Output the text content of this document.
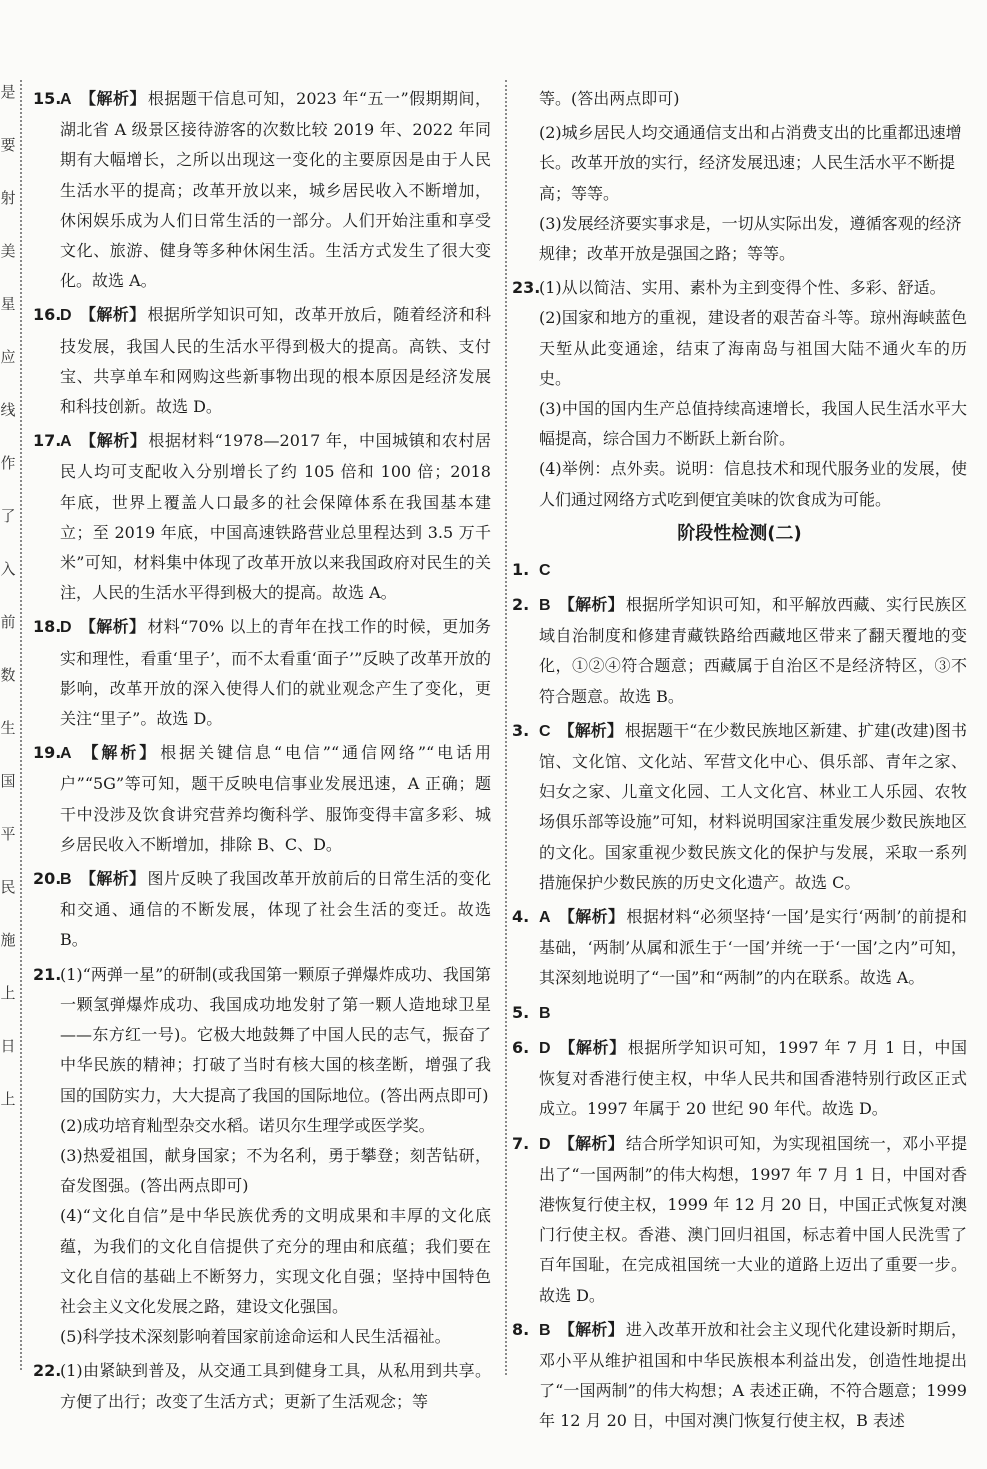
是
要
射
美
星
应
线
作
了
入
前
数
生
国
平
民
施
上
日
上
15.

A 【解析】 根据题干信息可知，2023 年“五一”假期期间，湖北省 A 级景区接待游客的次数比较 2019 年、2022 年同期有大幅增长，之所以出现这一变化的主要原因是由于人民生活水平的提高；改革开放以来，城乡居民收入不断增加，休闲娱乐成为人们日常生活的一部分。人们开始注重和享受文化、旅游、健身等多种休闲生活。生活方式发生了很大变化。故选 A。

16.

D 【解析】 根据所学知识可知，改革开放后，随着经济和科技发展，我国人民的生活水平得到极大的提高。高铁、支付宝、共享单车和网购这些新事物出现的根本原因是经济发展和科技创新。故选 D。

17.

A 【解析】 根据材料“1978—2017 年，中国城镇和农村居民人均可支配收入分别增长了约 105 倍和 100 倍；2018 年底，世界上覆盖人口最多的社会保障体系在我国基本建立；至 2019 年底，中国高速铁路营业总里程达到 3.5 万千米”可知，材料集中体现了改革开放以来我国政府对民生的关注，人民的生活水平得到极大的提高。故选 A。

18.

D 【解析】 材料“70% 以上的青年在找工作的时候，更加务实和理性，看重‘里子’，而不太看重‘面子’”反映了改革开放的影响，改革开放的深入使得人们的就业观念产生了变化，更关注“里子”。故选 D。

19.

A 【解析】 根据关键信息“电信”“通信网络”“电话用户”“5G”等可知，题干反映电信事业发展迅速，A 正确；题干中没涉及饮食讲究营养均衡科学、服饰变得丰富多彩、城乡居民收入不断增加，排除 B、C、D。

20.

B 【解析】 图片反映了我国改革开放前后的日常生活的变化和交通、通信的不断发展，体现了社会生活的变迁。故选 B。

21.

(1)“两弹一星”的研制(或我国第一颗原子弹爆炸成功、我国第一颗氢弹爆炸成功、我国成功地发射了第一颗人造地球卫星——东方红一号)。它极大地鼓舞了中国人民的志气，振奋了中华民族的精神；打破了当时有核大国的核垄断，增强了我国的国防实力，大大提高了我国的国际地位。(答出两点即可)

(2)成功培育籼型杂交水稻。诺贝尔生理学或医学奖。

(3)热爱祖国，献身国家；不为名利，勇于攀登；刻苦钻研，奋发图强。(答出两点即可)

(4)“文化自信”是中华民族优秀的文明成果和丰厚的文化底蕴，为我们的文化自信提供了充分的理由和底蕴；我们要在文化自信的基础上不断努力，实现文化自强；坚持中国特色社会主义文化发展之路，建设文化强国。

(5)科学技术深刻影响着国家前途命运和人民生活福祉。

22.

(1)由紧缺到普及，从交通工具到健身工具，从私用到共享。方便了出行；改变了生活方式；更新了生活观念；等

等。(答出两点即可)

(2)城乡居民人均交通通信支出和占消费支出的比重都迅速增长。改革开放的实行，经济发展迅速；人民生活水平不断提高；等等。

(3)发展经济要实事求是，一切从实际出发，遵循客观的经济规律；改革开放是强国之路；等等。

23.

(1)从以简洁、实用、素朴为主到变得个性、多彩、舒适。

(2)国家和地方的重视，建设者的艰苦奋斗等。琼州海峡蓝色天堑从此变通途，结束了海南岛与祖国大陆不通火车的历史。

(3)中国的国内生产总值持续高速增长，我国人民生活水平大幅提高，综合国力不断跃上新台阶。

(4)举例：点外卖。说明：信息技术和现代服务业的发展，使人们通过网络方式吃到便宜美味的饮食成为可能。

阶段性检测(二)
1. C

2. B 【解析】 根据所学知识可知，和平解放西藏、实行民族区域自治制度和修建青藏铁路给西藏地区带来了翻天覆地的变化，①②④符合题意；西藏属于自治区不是经济特区，③不符合题意。故选 B。

3. C 【解析】 根据题干“在少数民族地区新建、扩建(改建)图书馆、文化馆、文化站、军营文化中心、俱乐部、青年之家、妇女之家、儿童文化园、工人文化宫、林业工人乐园、农牧场俱乐部等设施”可知，材料说明国家注重发展少数民族地区的文化。国家重视少数民族文化的保护与发展，采取一系列措施保护少数民族的历史文化遗产。故选 C。

4. A 【解析】 根据材料“必须坚持‘一国’是实行‘两制’的前提和基础，‘两制’从属和派生于‘一国’并统一于‘一国’之内”可知，其深刻地说明了“一国”和“两制”的内在联系。故选 A。

5. B

6. D 【解析】 根据所学知识可知，1997 年 7 月 1 日，中国恢复对香港行使主权，中华人民共和国香港特别行政区正式成立。1997 年属于 20 世纪 90 年代。故选 D。

7. D 【解析】 结合所学知识可知，为实现祖国统一，邓小平提出了“一国两制”的伟大构想，1997 年 7 月 1 日，中国对香港恢复行使主权，1999 年 12 月 20 日，中国正式恢复对澳门行使主权。香港、澳门回归祖国，标志着中国人民洗雪了百年国耻，在完成祖国统一大业的道路上迈出了重要一步。故选 D。

8. B 【解析】 进入改革开放和社会主义现代化建设新时期后，邓小平从维护祖国和中华民族根本利益出发，创造性地提出了“一国两制”的伟大构想；A 表述正确，不符合题意；1999 年 12 月 20 日，中国对澳门恢复行使主权，B 表述
